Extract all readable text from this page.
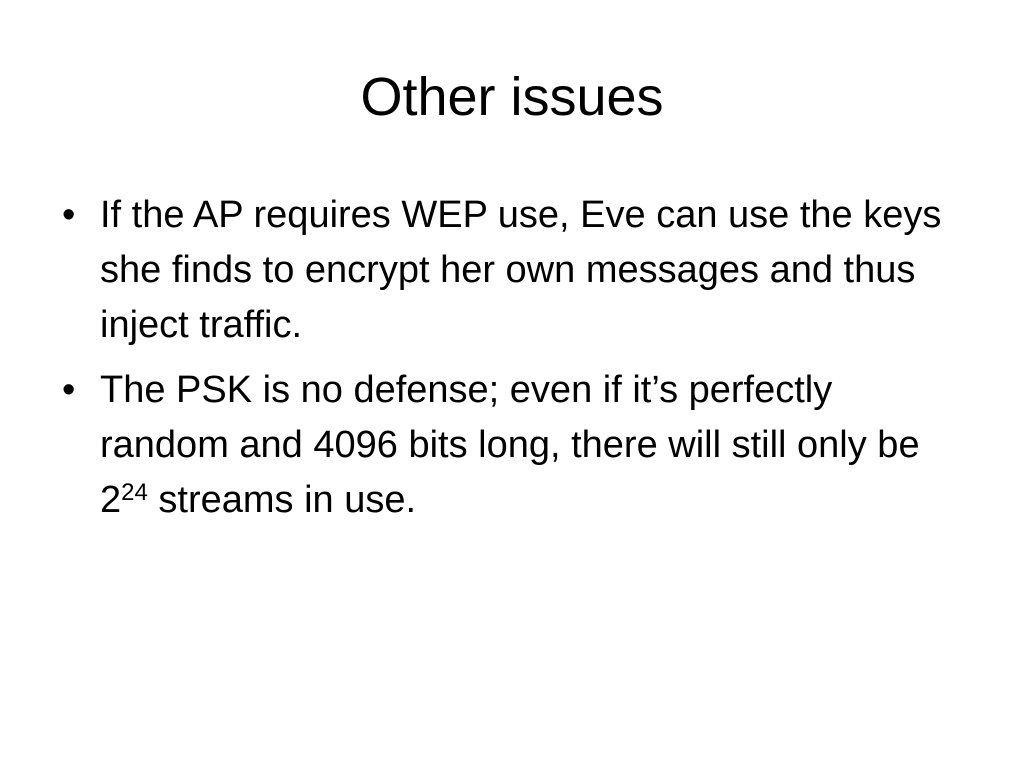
Other issues
• If the AP requires WEP use, Eve can use the keys she finds to encrypt her own messages and thus inject traffic.
• The PSK is no defense; even if it’s perfectly random and 4096 bits long, there will still only be $2^{24}$ streams in use.
